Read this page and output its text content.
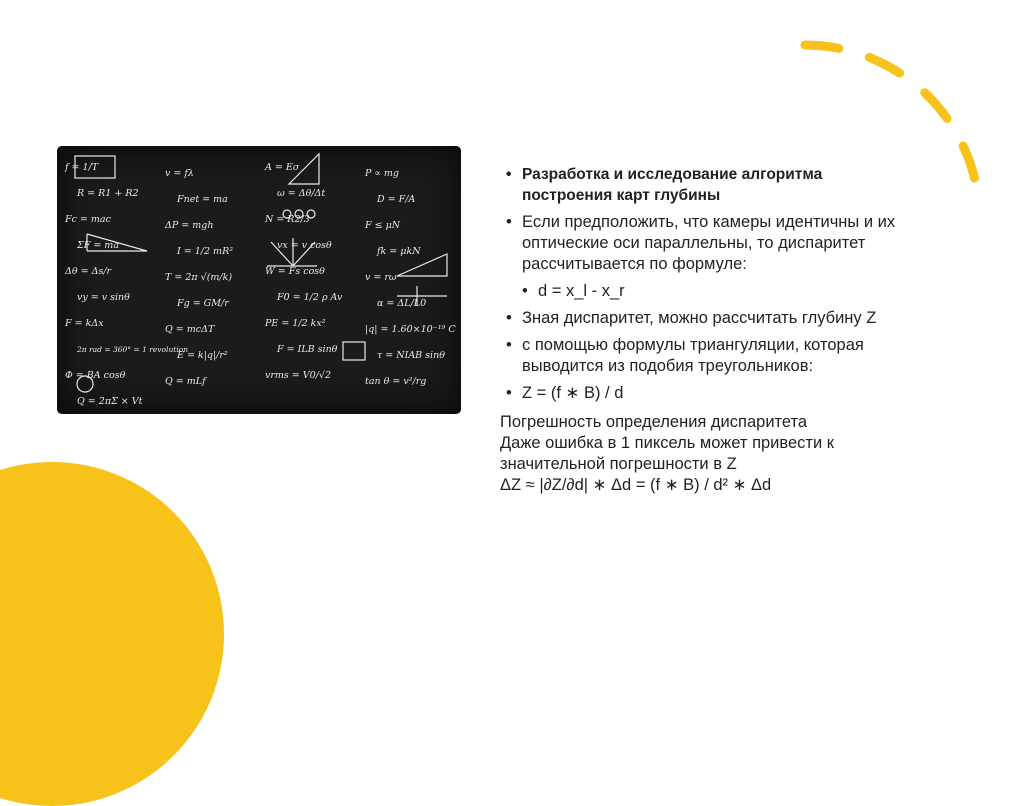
f = 1/T
v = fλ
A = Eσ
P ∝ mg
R = R1 + R2
Fnet = ma
ω = Δθ/Δt
D = F/A
Fc = mac
ΔP = mgh
N = R2/3
F ≤ μN
ΣF = ma
I = 1/2 mR²
vx = v cosθ
fk = μkN
Δθ = Δs/r
T = 2π √(m/k)
W = Fs cosθ
v = rω
vy = v sinθ
Fg = GM/r
F0 = 1/2 ρ Av
α = ΔL/L0
F = kΔx
Q = mcΔT
PE = 1/2 kx²
|q| = 1.60×10⁻¹⁹ C
2π rad = 360° = 1 revolution
E = k|q|/r²
F = ILB sinθ
τ = NIAB sinθ
Φ = BA cosθ
Q = mLf
vrms = V0/√2
tan θ = v²/rg
Q = 2πΣ × Vt
• Разработка и исследование алгоритма построения карт глубины
• Если предположить, что камеры идентичны и их оптические оси параллельны, то диспаритет рассчитывается по формуле:
• d = x_l - x_r
• Зная диспаритет, можно рассчитать глубину Z
• с помощью формулы триангуляции, которая выводится из подобия треугольников:
• Z = (f ∗ B) / d
Погрешность определения диспаритета
Даже ошибка в 1 пиксель может привести к значительной погрешности в Z
ΔZ ≈ |∂Z/∂d| ∗ Δd = (f ∗ B) / d² ∗ Δd
